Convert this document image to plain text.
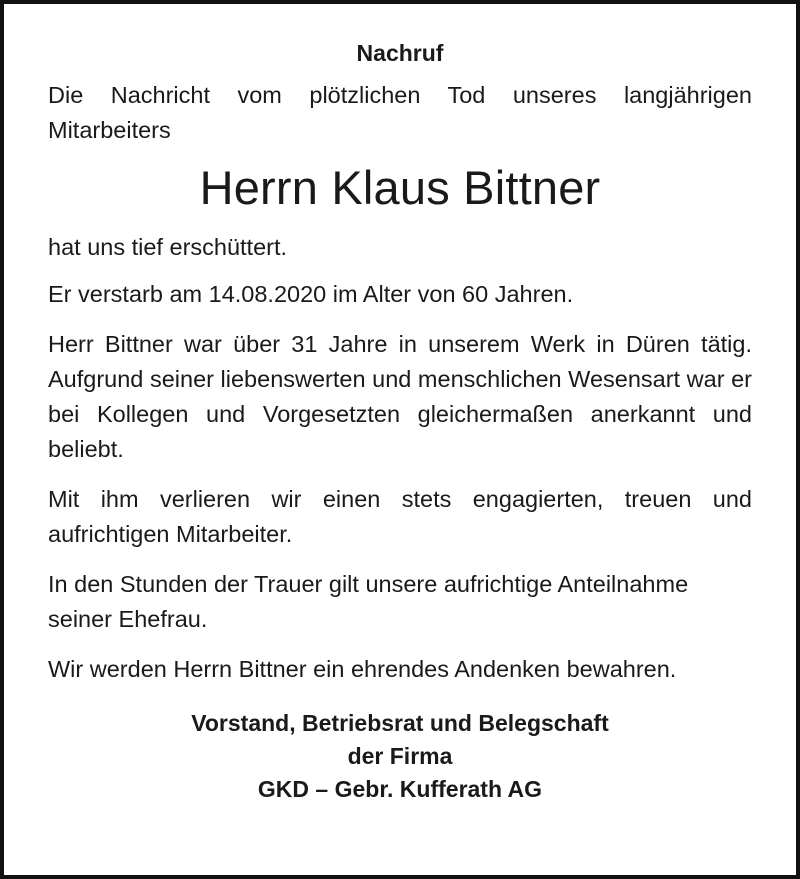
Nachruf

Die Nachricht vom plötzlichen Tod unseres langjährigen Mitarbeiters

Herrn Klaus Bittner

hat uns tief erschüttert.

Er verstarb am 14.08.2020 im Alter von 60 Jahren.

Herr Bittner war über 31 Jahre in unserem Werk in Düren tätig. Aufgrund seiner liebenswerten und menschlichen Wesensart war er bei Kollegen und Vorgesetzten gleichermaßen anerkannt und beliebt.

Mit ihm verlieren wir einen stets engagierten, treuen und aufrichtigen Mitarbeiter.

In den Stunden der Trauer gilt unsere aufrichtige Anteilnahme seiner Ehefrau.

Wir werden Herrn Bittner ein ehrendes Andenken bewahren.

Vorstand, Betriebsrat und Belegschaft
der Firma
GKD – Gebr. Kufferath AG
